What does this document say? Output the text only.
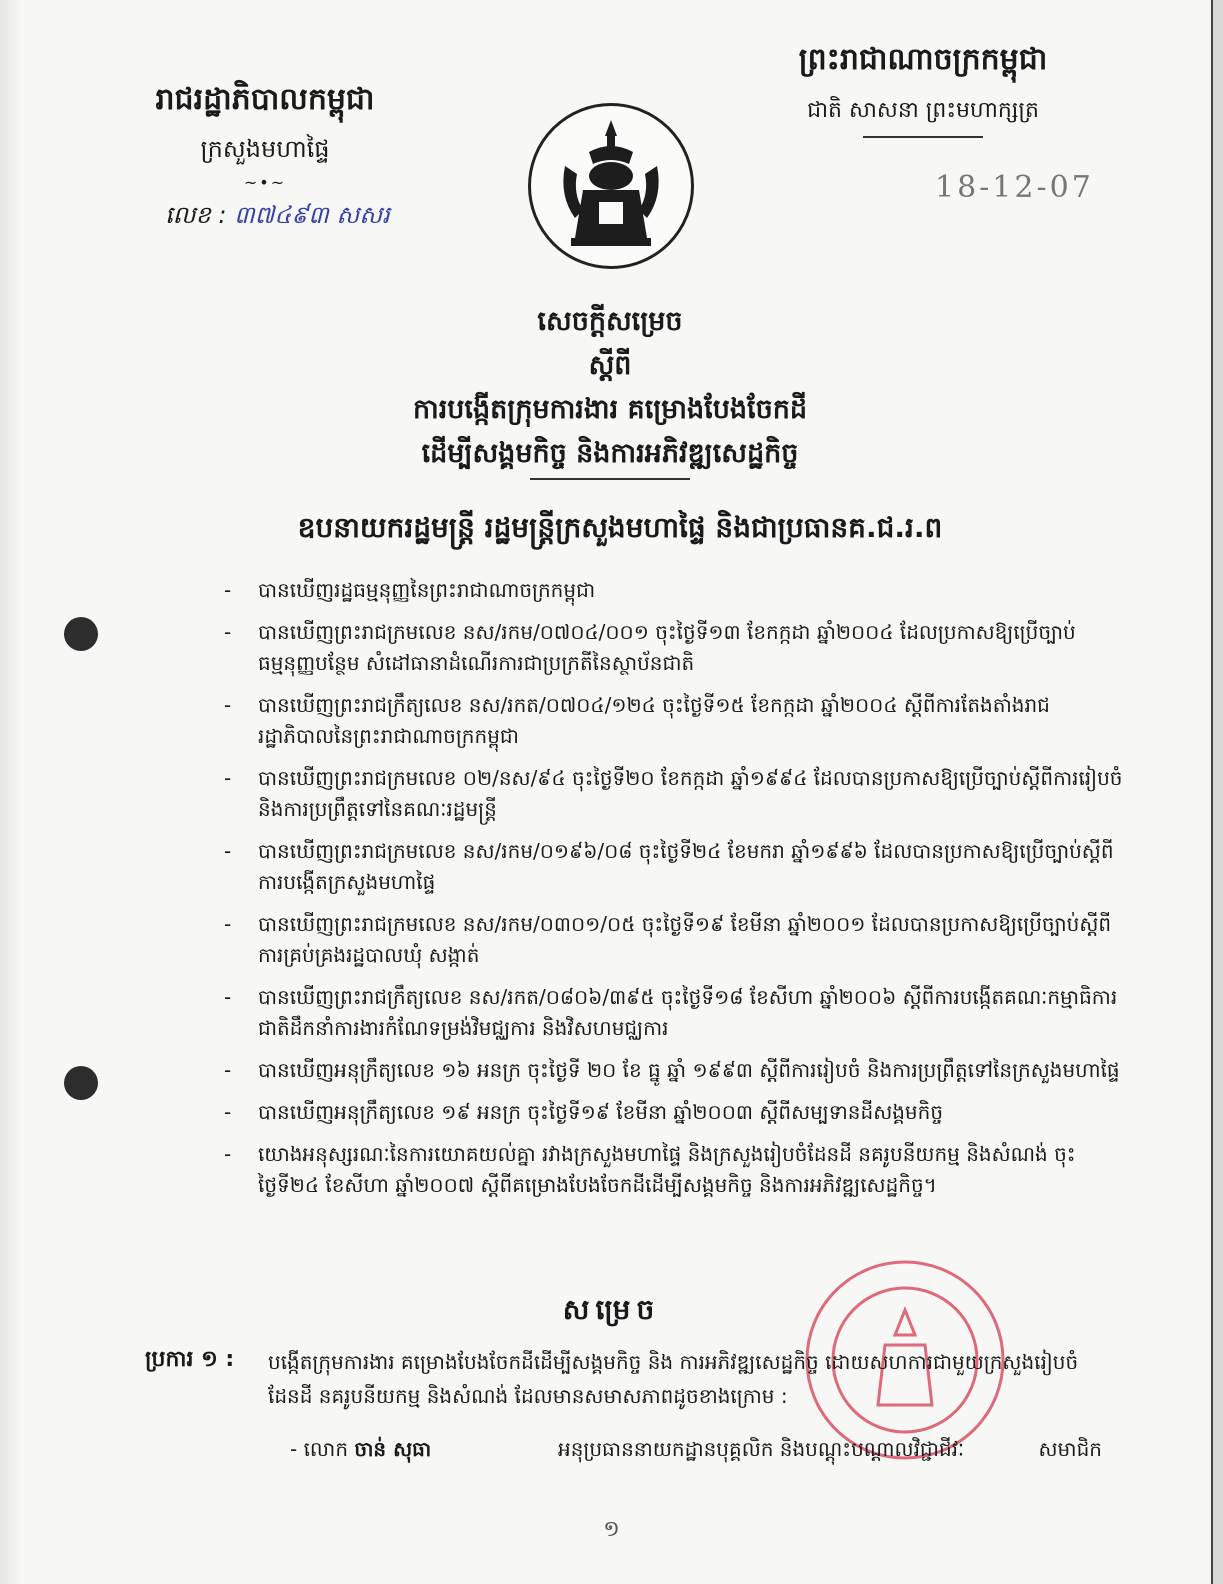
រាជរដ្ឋាភិបាលកម្ពុជា
ក្រសួងមហាផ្ទៃ
~•~
លេខ : ៣៧៤៩៣ សសរ
ព្រះរាជាណាចក្រកម្ពុជា
ជាតិ សាសនា ព្រះមហាក្សត្រ
18-12-07
សេចក្ដីសម្រេច
ស្ដីពី
ការបង្កើតក្រុមការងារ គម្រោងបែងចែកដី
ដើម្បីសង្គមកិច្ច និងការអភិវឌ្ឍសេដ្ឋកិច្ច
ឧបនាយករដ្ឋមន្ត្រី រដ្ឋមន្ត្រីក្រសួងមហាផ្ទៃ និងជាប្រធានគ.ជ.រ.ព
- បានឃើញរដ្ឋធម្មនុញ្ញនៃព្រះរាជាណាចក្រកម្ពុជា
- បានឃើញព្រះរាជក្រមលេខ នស/រកម/០៧០៤/០០១ ចុះថ្ងៃទី១៣ ខែកក្កដា ឆ្នាំ២០០៤ ដែលប្រកាសឱ្យប្រើច្បាប់ធម្មនុញ្ញបន្ថែម សំដៅធានាដំណើរការជាប្រក្រតីនៃស្ថាប័នជាតិ
- បានឃើញព្រះរាជក្រឹត្យលេខ នស/រកត/០៧០៤/១២៤ ចុះថ្ងៃទី១៥ ខែកក្កដា ឆ្នាំ២០០៤ ស្ដីពីការតែងតាំងរាជរដ្ឋាភិបាលនៃព្រះរាជាណាចក្រកម្ពុជា
- បានឃើញព្រះរាជក្រមលេខ ០២/នស/៩៤ ចុះថ្ងៃទី២០ ខែកក្កដា ឆ្នាំ១៩៩៤ ដែលបានប្រកាសឱ្យប្រើច្បាប់ស្ដីពីការរៀបចំ និងការប្រព្រឹត្តទៅនៃគណៈរដ្ឋមន្ត្រី
- បានឃើញព្រះរាជក្រមលេខ នស/រកម/០១៩៦/០៨ ចុះថ្ងៃទី២៤ ខែមករា ឆ្នាំ១៩៩៦ ដែលបានប្រកាសឱ្យប្រើច្បាប់ស្ដីពីការបង្កើតក្រសួងមហាផ្ទៃ
- បានឃើញព្រះរាជក្រមលេខ នស/រកម/០៣០១/០៥ ចុះថ្ងៃទី១៩ ខែមីនា ឆ្នាំ២០០១ ដែលបានប្រកាសឱ្យប្រើច្បាប់ស្ដីពីការគ្រប់គ្រងរដ្ឋបាលឃុំ សង្កាត់
- បានឃើញព្រះរាជក្រឹត្យលេខ នស/រកត/០៨០៦/៣៩៥ ចុះថ្ងៃទី១៨ ខែសីហា ឆ្នាំ២០០៦ ស្ដីពីការបង្កើតគណៈកម្មាធិការជាតិដឹកនាំការងារកំណែទម្រង់វិមជ្ឈការ និងវិសហមជ្ឈការ
- បានឃើញអនុក្រឹត្យលេខ ១៦ អនក្រ ចុះថ្ងៃទី ២០ ខែ ធ្នូ ឆ្នាំ ១៩៩៣ ស្ដីពីការរៀបចំ និងការប្រព្រឹត្តទៅនៃក្រសួងមហាផ្ទៃ
- បានឃើញអនុក្រឹត្យលេខ ១៩ អនក្រ ចុះថ្ងៃទី១៩ ខែមីនា ឆ្នាំ២០០៣ ស្ដីពីសម្បទានដីសង្គមកិច្ច
- យោងអនុស្សរណៈនៃការយោគយល់គ្នា រវាងក្រសួងមហាផ្ទៃ និងក្រសួងរៀបចំដែនដី នគរូបនីយកម្ម និងសំណង់ ចុះថ្ងៃទី២៤ ខែសីហា ឆ្នាំ២០០៧ ស្ដីពីគម្រោងបែងចែកដីដើម្បីសង្គមកិច្ច និងការអភិវឌ្ឍសេដ្ឋកិច្ច។
សម្រេច
ប្រការ ១ : បង្កើតក្រុមការងារ គម្រោងបែងចែកដីដើម្បីសង្គមកិច្ច និង ការអភិវឌ្ឍសេដ្ឋកិច្ច ដោយសហការជាមួយក្រសួងរៀបចំដែនដី នគរូបនីយកម្ម និងសំណង់ ដែលមានសមាសភាពដូចខាងក្រោម :
- លោក ចាន់ សុធា	អនុប្រធាននាយកដ្ឋានបុគ្គលិក និងបណ្ដុះបណ្ដាលវិជ្ជាជីវៈ	សមាជិក
១
